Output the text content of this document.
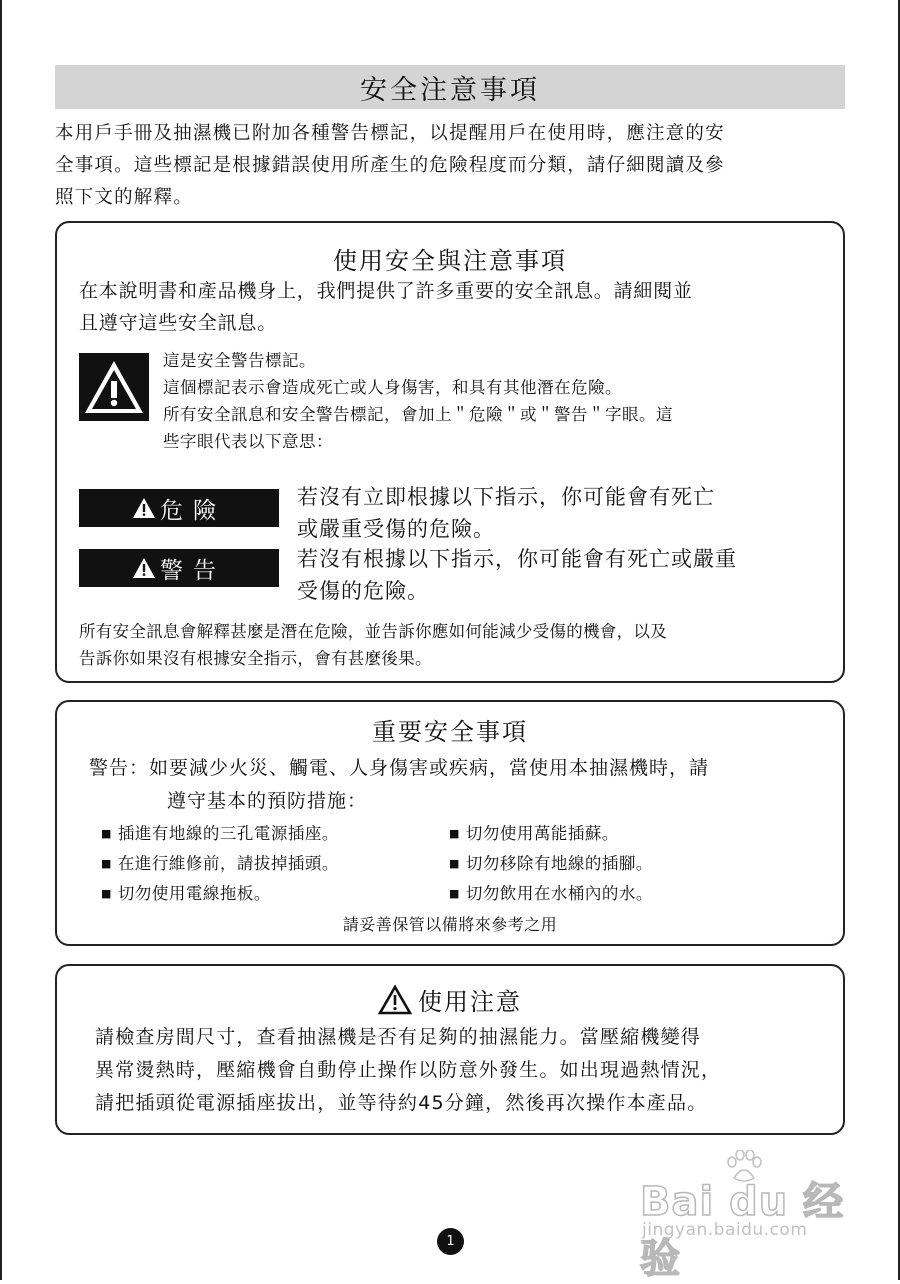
安全注意事項
本用戶手冊及抽濕機已附加各種警告標記，以提醒用戶在使用時，應注意的安
全事項。這些標記是根據錯誤使用所產生的危險程度而分類，請仔細閱讀及參
照下文的解釋。
使用安全與注意事項
在本說明書和產品機身上，我們提供了許多重要的安全訊息。請細閱並
且遵守這些安全訊息。
這是安全警告標記。
這個標記表示會造成死亡或人身傷害，和具有其他潛在危險。
所有安全訊息和安全警告標記，會加上＂危險＂或＂警告＂字眼。這
些字眼代表以下意思：
危險
若沒有立即根據以下指示，你可能會有死亡
或嚴重受傷的危險。
警告	若沒有根據以下指示，你可能會有死亡或嚴重
受傷的危險。
所有安全訊息會解釋甚麼是潛在危險，並告訴你應如何能減少受傷的機會，以及
告訴你如果沒有根據安全指示，會有甚麼後果。
重要安全事項
警告：如要減少火災、觸電、人身傷害或疾病，當使用本抽濕機時，請
遵守基本的預防措施：
■ 插進有地線的三孔電源插座。
■ 在進行維修前，請拔掉插頭。
■ 切勿使用電線拖板。
■ 切勿使用萬能插蘇。
■ 切勿移除有地線的插腳。
■ 切勿飲用在水桶內的水。
請妥善保管以備將來參考之用
使用注意
請檢查房間尺寸，查看抽濕機是否有足夠的抽濕能力。當壓縮機變得
異常燙熱時，壓縮機會自動停止操作以防意外發生。如出現過熱情況，
請把插頭從電源插座拔出，並等待約45分鐘，然後再次操作本產品。
Bai du 经验
jingyan.baidu.com
1
